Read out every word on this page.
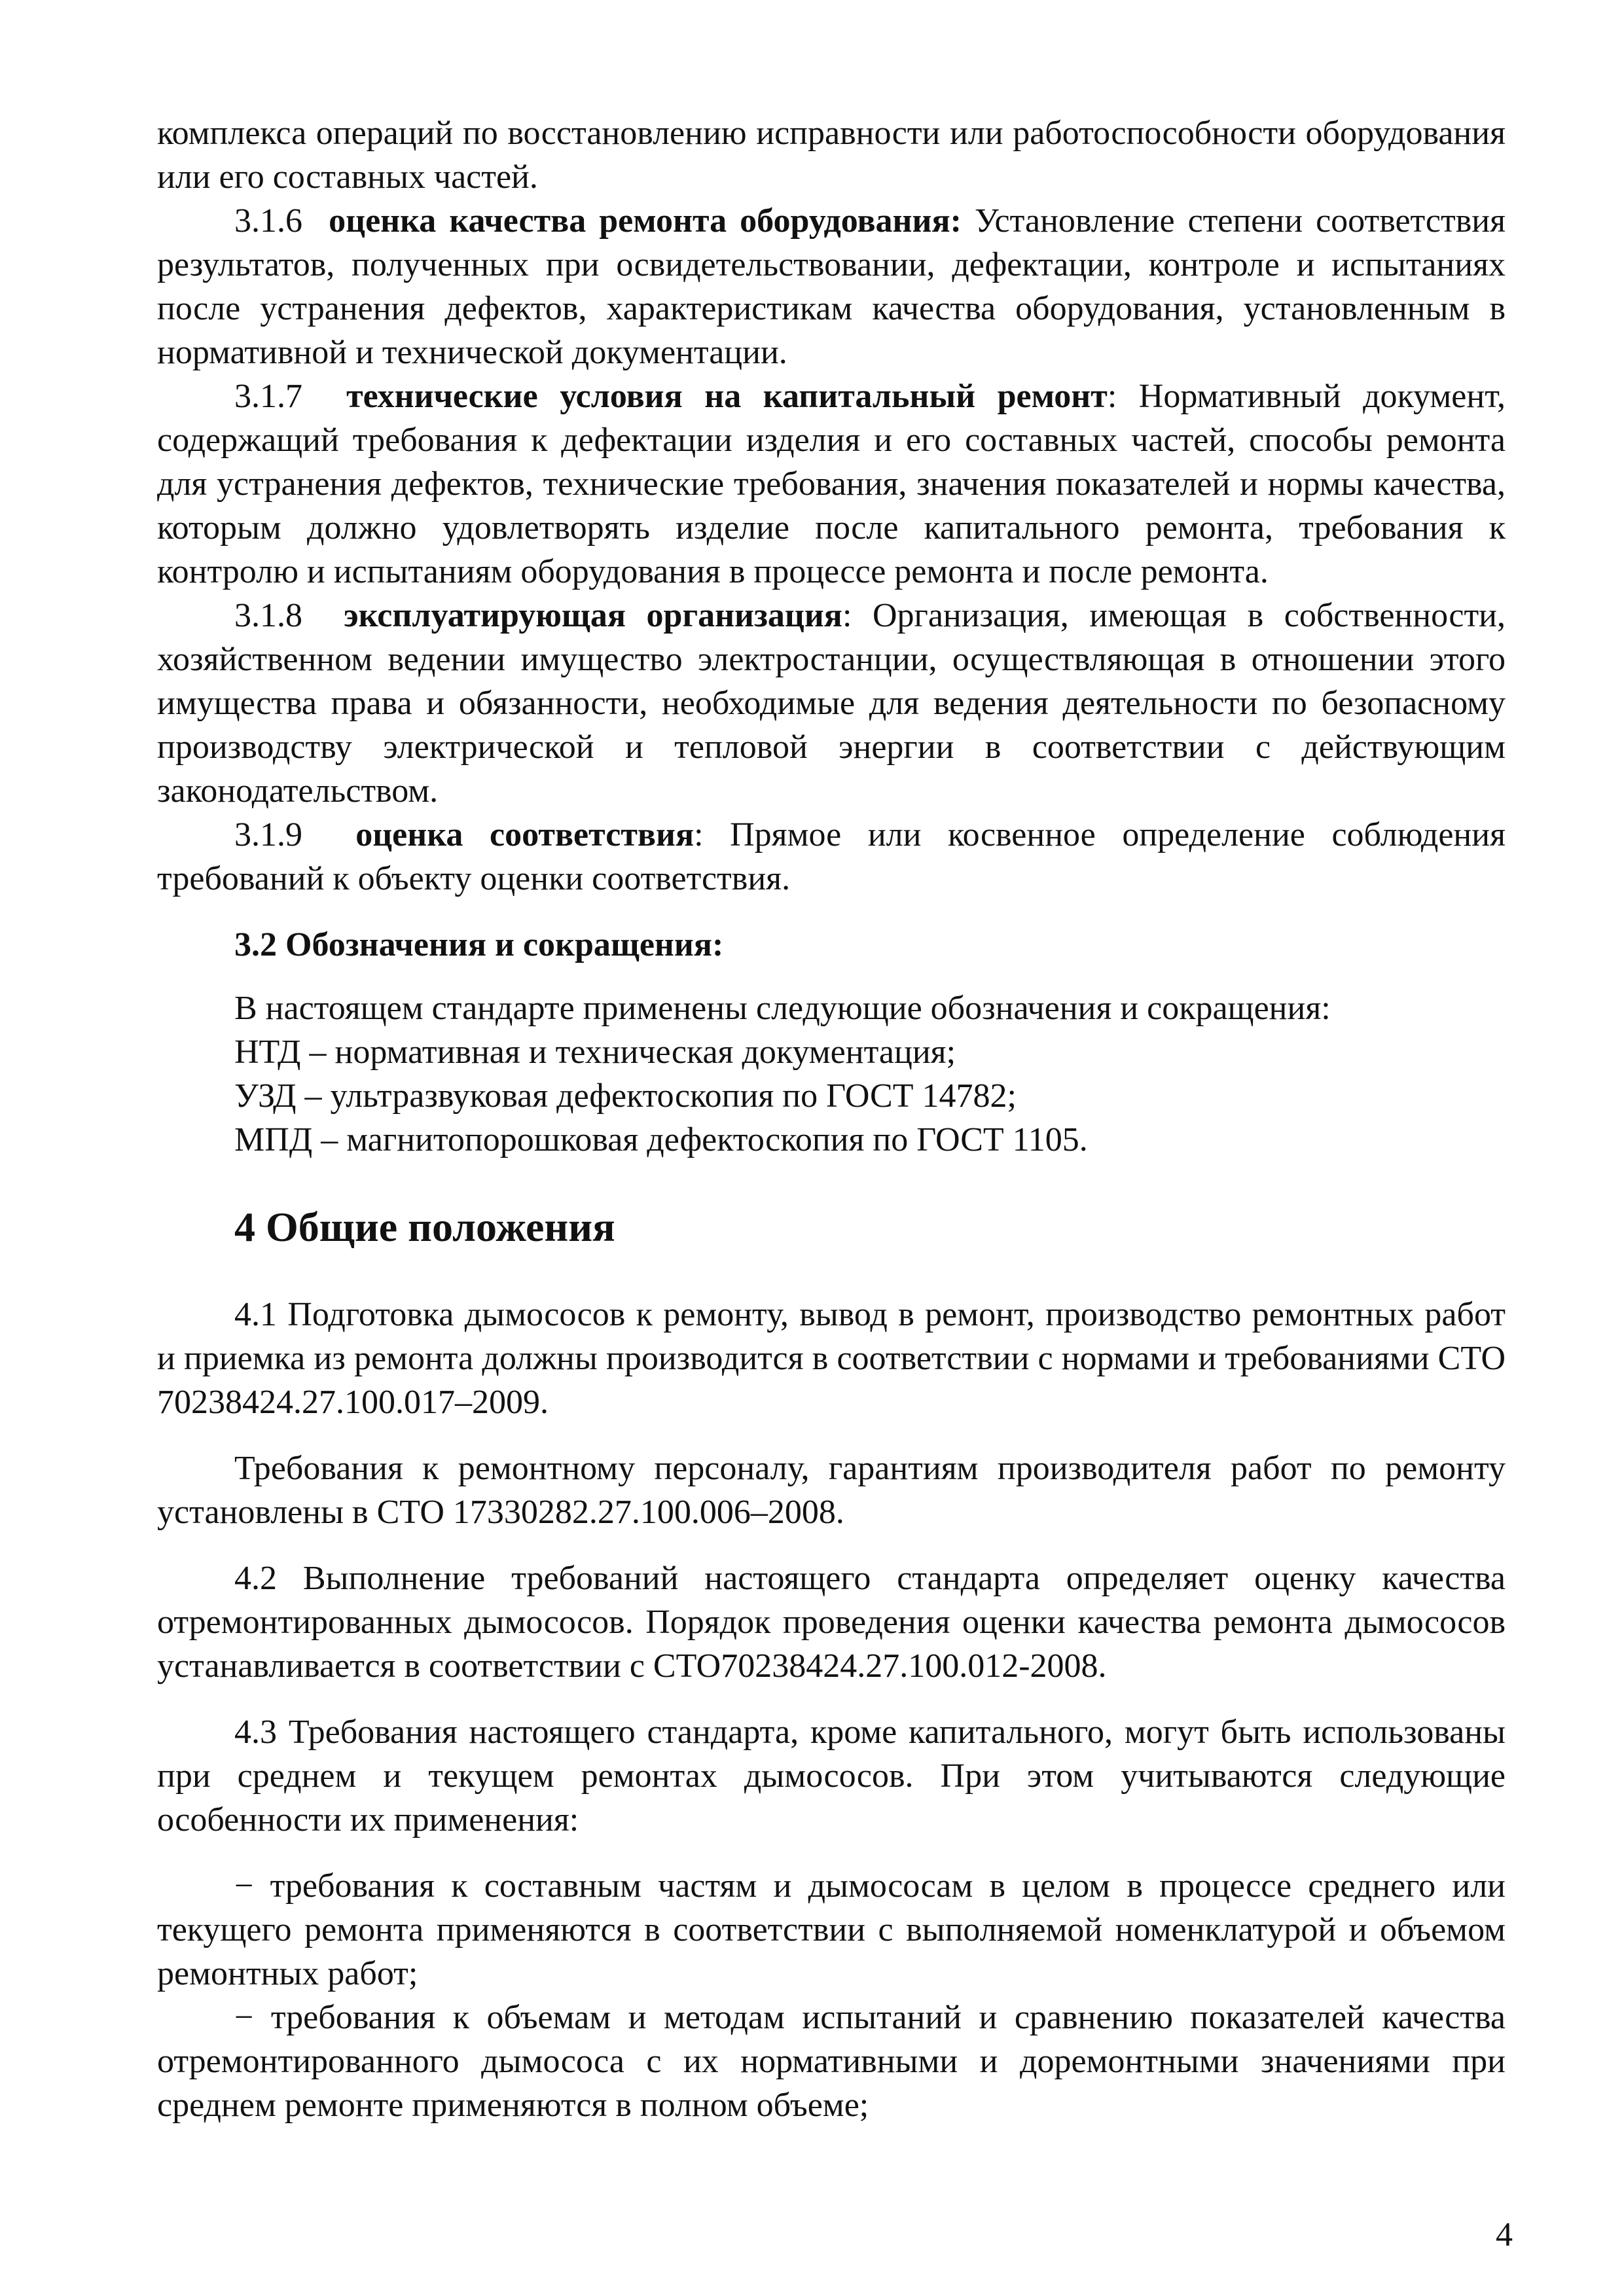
комплекса операций по восстановлению исправности или работоспособности оборудования или его составных частей.

3.1.6 оценка качества ремонта оборудования: Установление степени соответствия результатов, полученных при освидетельствовании, дефектации, контроле и испытаниях после устранения дефектов, характеристикам качества оборудования, установленным в нормативной и технической документации.

3.1.7 технические условия на капитальный ремонт: Нормативный документ, содержащий требования к дефектации изделия и его составных частей, способы ремонта для устранения дефектов, технические требования, значения показателей и нормы качества, которым должно удовлетворять изделие после капитального ремонта, требования к контролю и испытаниям оборудования в процессе ремонта и после ремонта.

3.1.8 эксплуатирующая организация: Организация, имеющая в собственности, хозяйственном ведении имущество электростанции, осуществляющая в отношении этого имущества права и обязанности, необходимые для ведения деятельности по безопасному производству электрической и тепловой энергии в соответствии с действующим законодательством.

3.1.9 оценка соответствия: Прямое или косвенное определение соблюдения требований к объекту оценки соответствия.

3.2 Обозначения и сокращения:

В настоящем стандарте применены следующие обозначения и сокращения:

НТД – нормативная и техническая документация;

УЗД – ультразвуковая дефектоскопия по ГОСТ 14782;

МПД – магнитопорошковая дефектоскопия по ГОСТ 1105.

4 Общие положения

4.1 Подготовка дымососов к ремонту, вывод в ремонт, производство ремонтных работ и приемка из ремонта должны производится в соответствии с нормами и требованиями СТО 70238424.27.100.017–2009.

Требования к ремонтному персоналу, гарантиям производителя работ по ремонту установлены в СТО 17330282.27.100.006–2008.

4.2 Выполнение требований настоящего стандарта определяет оценку качества отремонтированных дымососов. Порядок проведения оценки качества ремонта дымососов устанавливается в соответствии с СТО70238424.27.100.012-2008.

4.3 Требования настоящего стандарта, кроме капитального, могут быть использованы при среднем и текущем ремонтах дымососов. При этом учитываются следующие особенности их применения:

− требования к составным частям и дымососам в целом в процессе среднего или текущего ремонта применяются в соответствии с выполняемой номенклатурой и объемом ремонтных работ;

− требования к объемам и методам испытаний и сравнению показателей качества отремонтированного дымососа с их нормативными и доремонтными значениями при среднем ремонте применяются в полном объеме;

4
